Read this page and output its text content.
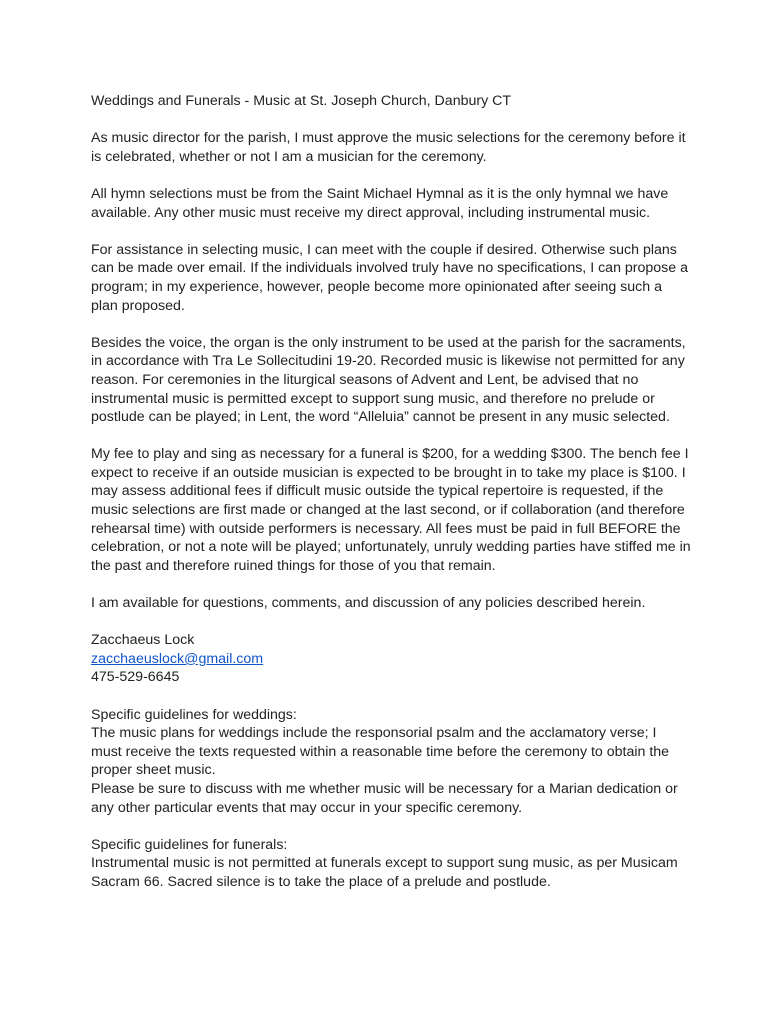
Weddings and Funerals - Music at St. Joseph Church, Danbury CT

As music director for the parish, I must approve the music selections for the ceremony before it is celebrated, whether or not I am a musician for the ceremony.

All hymn selections must be from the Saint Michael Hymnal as it is the only hymnal we have available. Any other music must receive my direct approval, including instrumental music.

For assistance in selecting music, I can meet with the couple if desired. Otherwise such plans can be made over email. If the individuals involved truly have no specifications, I can propose a program; in my experience, however, people become more opinionated after seeing such a plan proposed.

Besides the voice, the organ is the only instrument to be used at the parish for the sacraments, in accordance with Tra Le Sollecitudini 19-20. Recorded music is likewise not permitted for any reason. For ceremonies in the liturgical seasons of Advent and Lent, be advised that no instrumental music is permitted except to support sung music, and therefore no prelude or postlude can be played; in Lent, the word “Alleluia” cannot be present in any music selected.

My fee to play and sing as necessary for a funeral is $200, for a wedding $300. The bench fee I expect to receive if an outside musician is expected to be brought in to take my place is $100. I may assess additional fees if difficult music outside the typical repertoire is requested, if the music selections are first made or changed at the last second, or if collaboration (and therefore rehearsal time) with outside performers is necessary. All fees must be paid in full BEFORE the celebration, or not a note will be played; unfortunately, unruly wedding parties have stiffed me in the past and therefore ruined things for those of you that remain.

I am available for questions, comments, and discussion of any policies described herein.

Zacchaeus Lock
zacchaeuslock@gmail.com
475-529-6645

Specific guidelines for weddings:

The music plans for weddings include the responsorial psalm and the acclamatory verse; I must receive the texts requested within a reasonable time before the ceremony to obtain the proper sheet music.

Please be sure to discuss with me whether music will be necessary for a Marian dedication or any other particular events that may occur in your specific ceremony.

Specific guidelines for funerals:

Instrumental music is not permitted at funerals except to support sung music, as per Musicam Sacram 66. Sacred silence is to take the place of a prelude and postlude.
